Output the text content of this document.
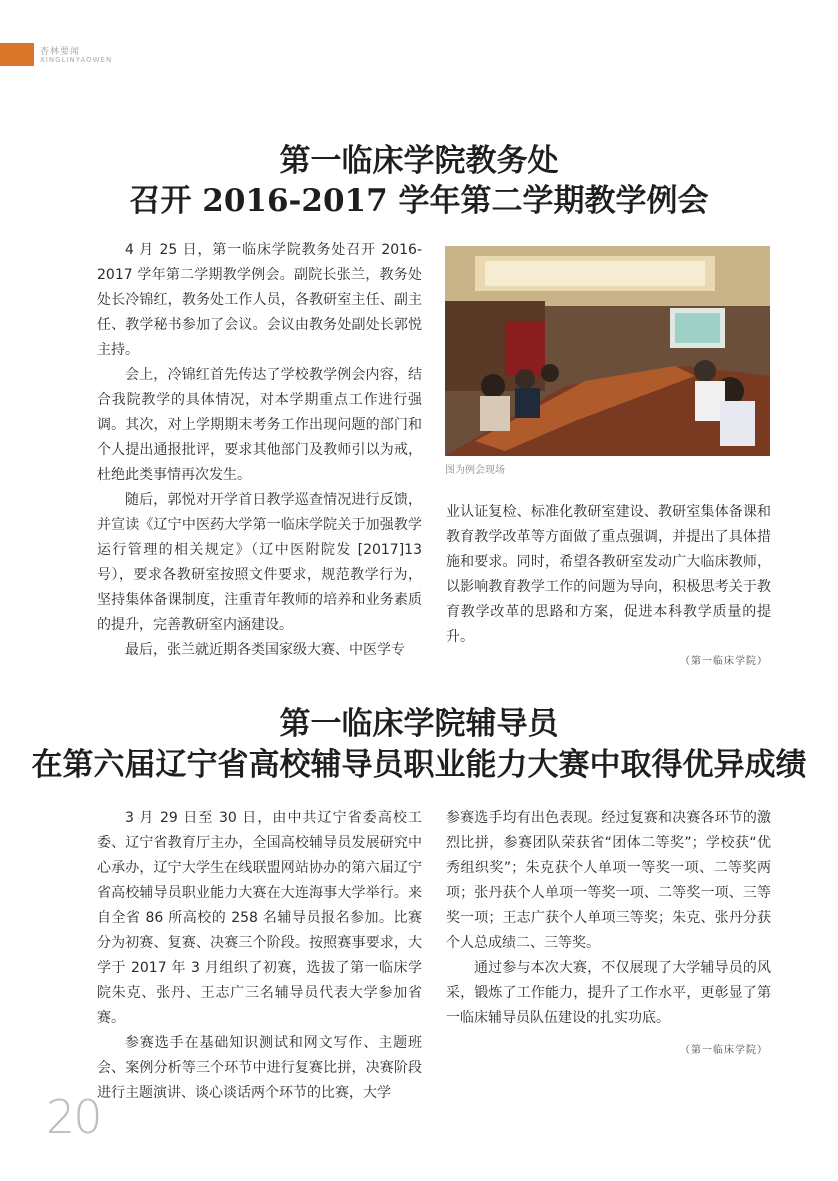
杏林要闻
XINGLINYAOWEN
第一临床学院教务处
召开 2016-2017 学年第二学期教学例会

4 月 25 日，第一临床学院教务处召开 2016-2017 学年第二学期教学例会。副院长张兰，教务处处长冷锦红，教务处工作人员，各教研室主任、副主任、教学秘书参加了会议。会议由教务处副处长郭悦主持。

会上，冷锦红首先传达了学校教学例会内容，结合我院教学的具体情况，对本学期重点工作进行强调。其次，对上学期期末考务工作出现问题的部门和个人提出通报批评，要求其他部门及教师引以为戒，杜绝此类事情再次发生。

随后，郭悦对开学首日教学巡查情况进行反馈，并宣读《辽宁中医药大学第一临床学院关于加强教学运行管理的相关规定》（辽中医附院发 [2017]13 号），要求各教研室按照文件要求，规范教学行为，坚持集体备课制度，注重青年教师的培养和业务素质的提升，完善教研室内涵建设。

最后，张兰就近期各类国家级大赛、中医学专

图为例会现场

业认证复检、标准化教研室建设、教研室集体备课和教育教学改革等方面做了重点强调，并提出了具体措施和要求。同时，希望各教研室发动广大临床教师，以影响教育教学工作的问题为导向，积极思考关于教育教学改革的思路和方案，促进本科教学质量的提升。

（第一临床学院）
第一临床学院辅导员
在第六届辽宁省高校辅导员职业能力大赛中取得优异成绩

3 月 29 日至 30 日，由中共辽宁省委高校工委、辽宁省教育厅主办，全国高校辅导员发展研究中心承办，辽宁大学生在线联盟网站协办的第六届辽宁省高校辅导员职业能力大赛在大连海事大学举行。来自全省 86 所高校的 258 名辅导员报名参加。比赛分为初赛、复赛、决赛三个阶段。按照赛事要求，大学于 2017 年 3 月组织了初赛，选拔了第一临床学院朱克、张丹、王志广三名辅导员代表大学参加省赛。

参赛选手在基础知识测试和网文写作、主题班会、案例分析等三个环节中进行复赛比拼，决赛阶段进行主题演讲、谈心谈话两个环节的比赛，大学

参赛选手均有出色表现。经过复赛和决赛各环节的激烈比拼，参赛团队荣获省“团体二等奖”；学校获“优秀组织奖”；朱克获个人单项一等奖一项、二等奖两项；张丹获个人单项一等奖一项、二等奖一项、三等奖一项；王志广获个人单项三等奖；朱克、张丹分获个人总成绩二、三等奖。

通过参与本次大赛，不仅展现了大学辅导员的风采，锻炼了工作能力，提升了工作水平，更彰显了第一临床辅导员队伍建设的扎实功底。

（第一临床学院）
20
